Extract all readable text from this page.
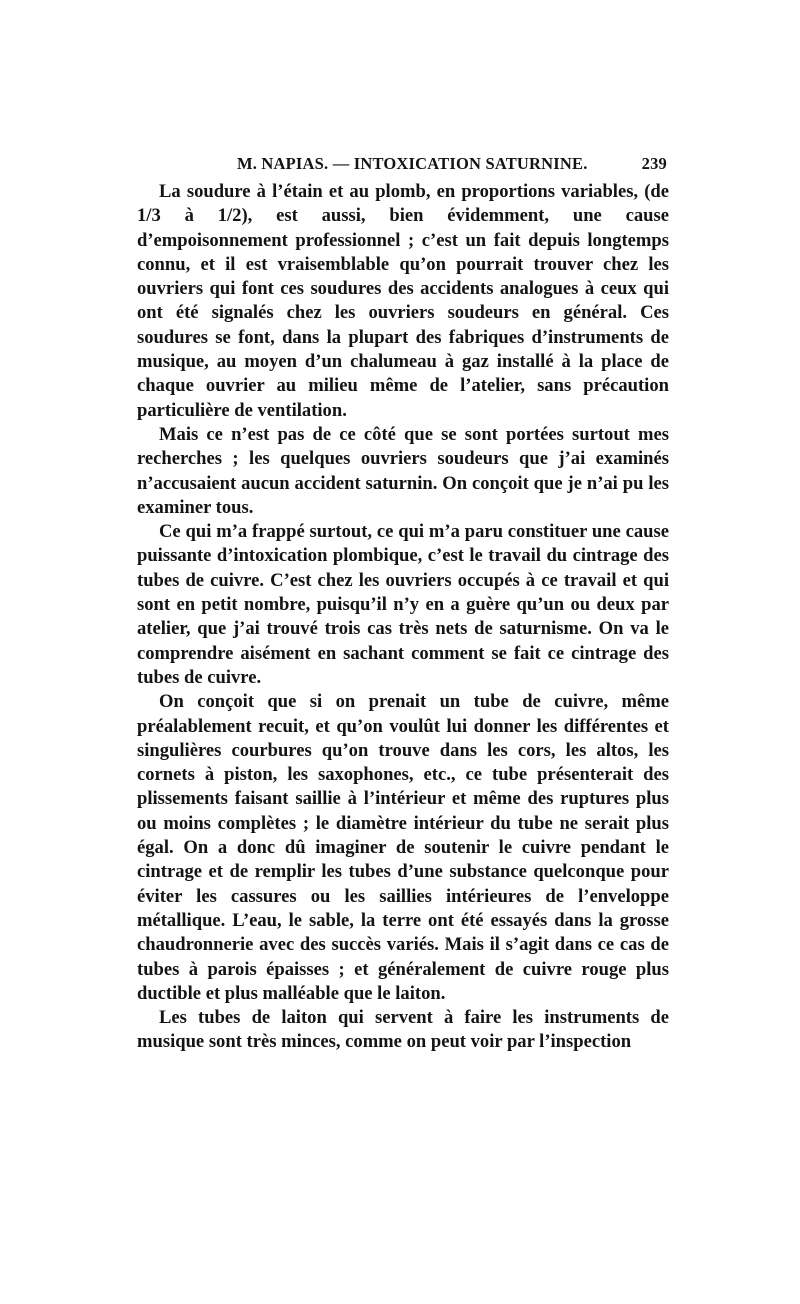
M. NAPIAS. — INTOXICATION SATURNINE.	239

La soudure à l’étain et au plomb, en proportions variables, (de 1/3 à 1/2), est aussi, bien évidemment, une cause d’empoisonnement professionnel ; c’est un fait depuis longtemps connu, et il est vraisemblable qu’on pourrait trouver chez les ouvriers qui font ces soudures des accidents analogues à ceux qui ont été signalés chez les ouvriers soudeurs en général. Ces soudures se font, dans la plupart des fabriques d’instruments de musique, au moyen d’un chalumeau à gaz installé à la place de chaque ouvrier au milieu même de l’atelier, sans précaution particulière de ventilation.

Mais ce n’est pas de ce côté que se sont portées surtout mes recherches ; les quelques ouvriers soudeurs que j’ai examinés n’accusaient aucun accident saturnin. On conçoit que je n’ai pu les examiner tous.

Ce qui m’a frappé surtout, ce qui m’a paru constituer une cause puissante d’intoxication plombique, c’est le travail du cintrage des tubes de cuivre. C’est chez les ouvriers occupés à ce travail et qui sont en petit nombre, puisqu’il n’y en a guère qu’un ou deux par atelier, que j’ai trouvé trois cas très nets de saturnisme. On va le comprendre aisément en sachant comment se fait ce cintrage des tubes de cuivre.

On conçoit que si on prenait un tube de cuivre, même préalablement recuit, et qu’on voulût lui donner les différentes et singulières courbures qu’on trouve dans les cors, les altos, les cornets à piston, les saxophones, etc., ce tube présenterait des plissements faisant saillie à l’intérieur et même des ruptures plus ou moins complètes ; le diamètre intérieur du tube ne serait plus égal. On a donc dû imaginer de soutenir le cuivre pendant le cintrage et de remplir les tubes d’une substance quelconque pour éviter les cassures ou les saillies intérieures de l’enveloppe métallique. L’eau, le sable, la terre ont été essayés dans la grosse chaudronnerie avec des succès variés. Mais il s’agit dans ce cas de tubes à parois épaisses ; et généralement de cuivre rouge plus ductible et plus malléable que le laiton.

Les tubes de laiton qui servent à faire les instruments de musique sont très minces, comme on peut voir par l’inspection
